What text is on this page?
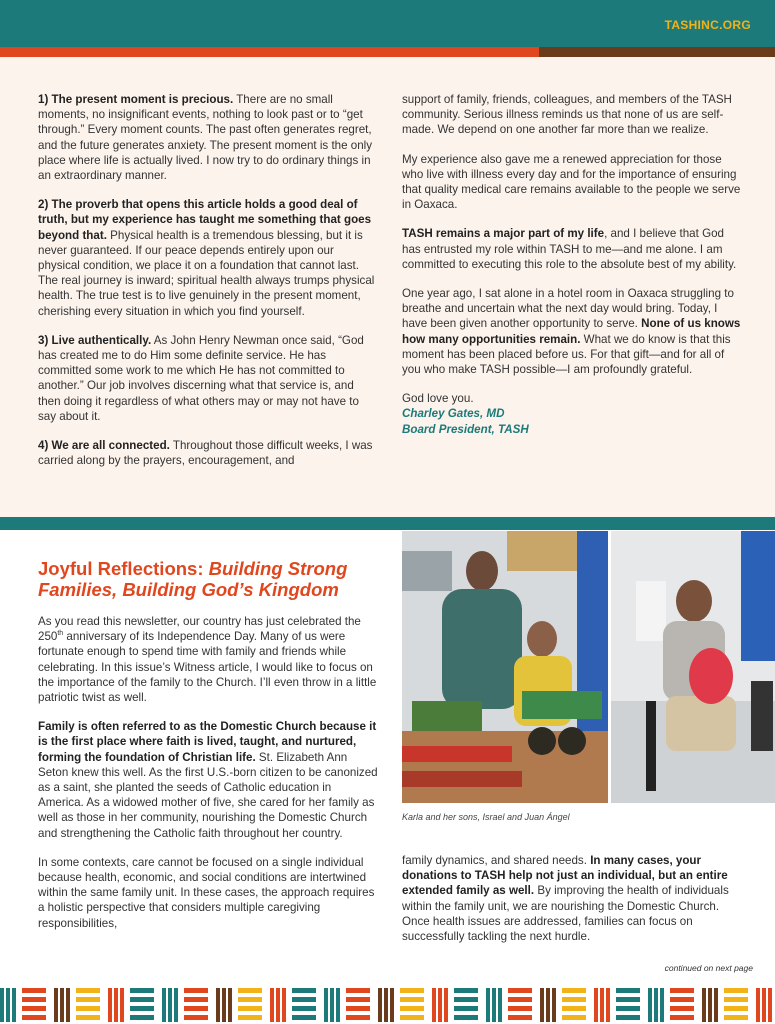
TASHINC.ORG

1) The present moment is precious. There are no small moments, no insignificant events, nothing to look past or to “get through.” Every moment counts. The past often generates regret, and the future generates anxiety. The present moment is the only place where life is actually lived. I now try to do ordinary things in an extraordinary manner.

2) The proverb that opens this article holds a good deal of truth, but my experience has taught me something that goes beyond that. Physical health is a tremendous blessing, but it is never guaranteed. If our peace depends entirely upon our physical condition, we place it on a foundation that cannot last. The real journey is inward; spiritual health always trumps physical health. The true test is to live genuinely in the present moment, cherishing every situation in which you find yourself.

3) Live authentically. As John Henry Newman once said, “God has created me to do Him some definite service. He has committed some work to me which He has not committed to another.” Our job involves discerning what that service is, and then doing it regardless of what others may or may not have to say about it.

4) We are all connected. Throughout those difficult weeks, I was carried along by the prayers, encouragement, and

support of family, friends, colleagues, and members of the TASH community. Serious illness reminds us that none of us are self-made. We depend on one another far more than we realize.

My experience also gave me a renewed appreciation for those who live with illness every day and for the importance of ensuring that quality medical care remains available to the people we serve in Oaxaca.

TASH remains a major part of my life, and I believe that God has entrusted my role within TASH to me—and me alone. I am committed to executing this role to the absolute best of my ability.

One year ago, I sat alone in a hotel room in Oaxaca struggling to breathe and uncertain what the next day would bring. Today, I have been given another opportunity to serve. None of us knows how many opportunities remain. What we do know is that this moment has been placed before us. For that gift—and for all of you who make TASH possible—I am profoundly grateful.

God love you.
Charley Gates, MD
Board President, TASH
Joyful Reflections: Building Strong Families, Building God’s Kingdom

As you read this newsletter, our country has just celebrated the 250th anniversary of its Independence Day. Many of us were fortunate enough to spend time with family and friends while celebrating. In this issue’s Witness article, I would like to focus on the importance of the family to the Church. I’ll even throw in a little patriotic twist as well.

Family is often referred to as the Domestic Church because it is the first place where faith is lived, taught, and nurtured, forming the foundation of Christian life. St. Elizabeth Ann Seton knew this well. As the first U.S.-born citizen to be canonized as a saint, she planted the seeds of Catholic education in America. As a widowed mother of five, she cared for her family as well as those in her community, nourishing the Domestic Church and strengthening the Catholic faith throughout her country.

In some contexts, care cannot be focused on a single individual because health, economic, and social conditions are intertwined within the same family unit. In these cases, the approach requires a holistic perspective that considers multiple caregiving responsibilities,

Karla and her sons, Israel and Juan Ángel

family dynamics, and shared needs. In many cases, your donations to TASH help not just an individual, but an entire extended family as well. By improving the health of individuals within the family unit, we are nourishing the Domestic Church. Once health issues are addressed, families can focus on successfully tackling the next hurdle.

continued on next page
